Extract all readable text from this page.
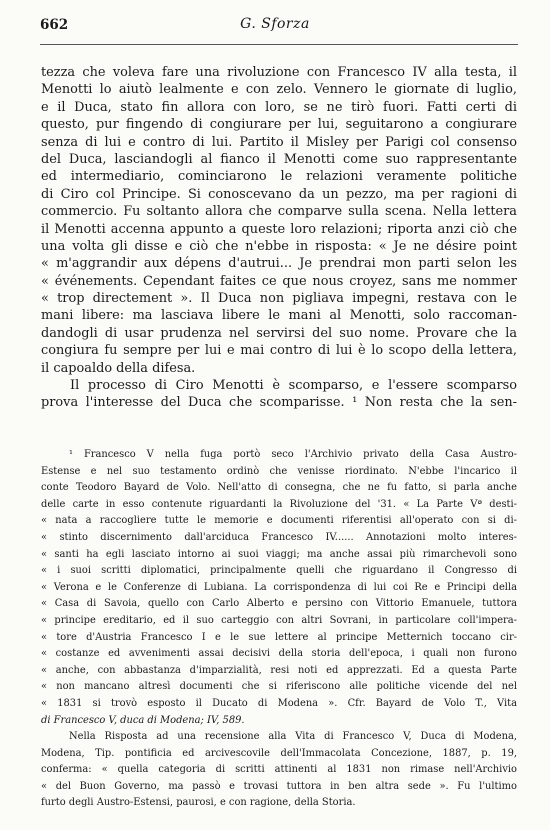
662	G. Sforza
tezza che voleva fare una rivoluzione con Francesco IV alla testa, il
Menotti lo aiutò lealmente e con zelo. Vennero le giornate di luglio,
e il Duca, stato fin allora con loro, se ne tirò fuori. Fatti certi di
questo, pur fingendo di congiurare per lui, seguitarono a congiurare
senza di lui e contro di lui. Partito il Misley per Parigi col consenso
del Duca, lasciandogli al fianco il Menotti come suo rappresentante
ed intermediario, cominciarono le relazioni veramente politiche
di Ciro col Principe. Si conoscevano da un pezzo, ma per ragioni di
commercio. Fu soltanto allora che comparve sulla scena. Nella lettera
il Menotti accenna appunto a queste loro relazioni; riporta anzi ciò che
una volta gli disse e ciò che n'ebbe in risposta: « Je ne désire point
« m'aggrandir aux dépens d'autrui... Je prendrai mon parti selon les
« événements. Cependant faites ce que nous croyez, sans me nommer
« trop directement ». Il Duca non pigliava impegni, restava con le
mani libere: ma lasciava libere le mani al Menotti, solo raccoman-
dandogli di usar prudenza nel servirsi del suo nome. Provare che la
congiura fu sempre per lui e mai contro di lui è lo scopo della lettera,
il capoaldo della difesa.
Il processo di Ciro Menotti è scomparso, e l'essere scomparso
prova l'interesse del Duca che scomparisse. ¹ Non resta che la sen-
¹ Francesco V nella fuga portò seco l'Archivio privato della Casa Austro-
Estense e nel suo testamento ordinò che venisse riordinato. N'ebbe l'incarico il
conte Teodoro Bayard de Volo. Nell'atto di consegna, che ne fu fatto, si parla anche
delle carte in esso contenute riguardanti la Rivoluzione del '31. « La Parte Vª desti-
« nata a raccogliere tutte le memorie e documenti riferentisi all'operato con si di-
« stinto discernimento dall'arciduca Francesco IV...... Annotazioni molto interes-
« santi ha egli lasciato intorno ai suoi viaggi; ma anche assai più rimarchevoli sono
« i suoi scritti diplomatici, principalmente quelli che riguardano il Congresso di
« Verona e le Conferenze di Lubiana. La corrispondenza di lui coi Re e Principi della
« Casa di Savoia, quello con Carlo Alberto e persino con Vittorio Emanuele, tuttora
« principe ereditario, ed il suo carteggio con altri Sovrani, in particolare coll'impera-
« tore d'Austria Francesco I e le sue lettere al principe Metternich toccano cir-
« costanze ed avvenimenti assai decisivi della storia dell'epoca, i quali non furono
« anche, con abbastanza d'imparzialità, resi noti ed apprezzati. Ed a questa Parte
« non mancano altresì documenti che si riferiscono alle politiche vicende del nel
« 1831 si trovò esposto il Ducato di Modena ». Cfr. Bayard de Volo T., Vita
di Francesco V, duca di Modena; IV, 589.
Nella Risposta ad una recensione alla Vita di Francesco V, Duca di Modena,
Modena, Tip. pontificia ed arcivescovile dell'Immacolata Concezione, 1887, p. 19,
conferma: « quella categoria di scritti attinenti al 1831 non rimase nell'Archivio
« del Buon Governo, ma passò e trovasi tuttora in ben altra sede ». Fu l'ultimo
furto degli Austro-Estensi, paurosi, e con ragione, della Storia.
